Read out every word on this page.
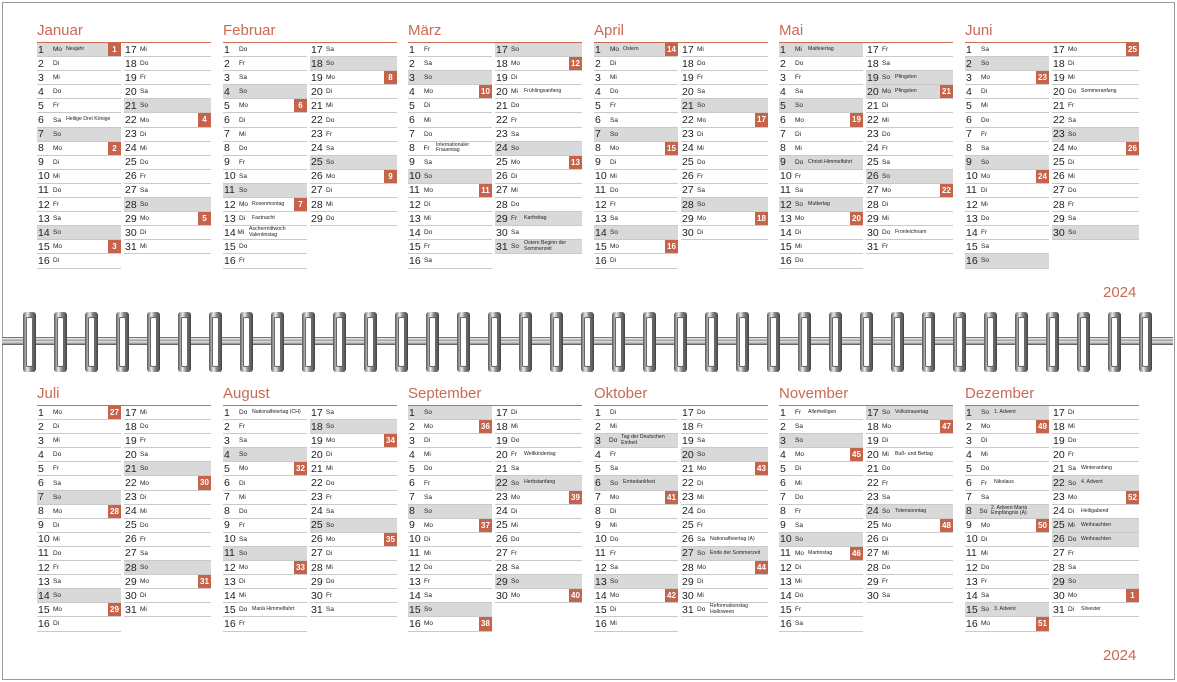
Januar
1	Mo Neujahr	1
2	Di
3	Mi
4	Do
5	Fr
6	Sa Heilige Drei Könige
7	So
8	Mo	2
9	Di
10 Mi
11 Do
12 Fr
13 Sa
14 So
15 Mo	3
16 Di
17 Mi
18 Do
19 Fr
20 Sa
21 So
22 Mo	4
23 Di
24 Mi
25 Do
26 Fr
27 Sa
28 So
29 Mo	5
30 Di
31 Mi
Februar
1	Do
2	Fr
3	Sa
4	So
5	Mo	6
6	Di
7	Mi
8	Do
9	Fr
10 Sa
11 So
12 Mo Rosenmontag	7
13 Di	Fastnacht
14 Mi Aschermittwoch Valentinstag
15 Do
16 Fr
17 Sa
18 So
19 Mo	8
20 Di
21 Mi
22 Do
23 Fr
24 Sa
25 So
26 Mo	9
27 Di
28 Mi
29 Do
März
1	Fr
2	Sa
3	So
4	Mo	10
5	Di
6	Mi
7	Do
8	Fr	Internationaler Frauentag
9	Sa
10 So
11 Mo	11
12 Di
13 Mi
14 Do
15 Fr
16 Sa
17 So
18 Mo	12
19 Di
20 Mi	Frühlingsanfang
21 Do
22 Fr
23 Sa
24 So
25 Mo	13
26 Di
27 Mi
28 Do
29 Fr	Karfreitag
30 Sa
31 So Ostern Beginn der Sommerzeit
April
1	Mo Ostern	14
2	Di
3	Mi
4	Do
5	Fr
6	Sa
7	So
8	Mo	15
9	Di
10 Mi
11 Do
12 Fr
13 Sa
14 So
15 Mo	16
16 Di
17 Mi
18 Do
19 Fr
20 Sa
21 So
22 Mo	17
23 Di
24 Mi
25 Do
26 Fr
27 Sa
28 So
29 Mo	18
30 Di
Mai
1	Mi	Maifeiertag
2	Do
3	Fr
4	Sa
5	So
6	Mo	19
7	Di
8	Mi
9	Do Christi Himmelfahrt
10 Fr
11 Sa
12 So Muttertag
13 Mo	20
14 Di
15 Mi
16 Do
17 Fr
18 Sa
19 So Pfingsten
20 Mo Pfingsten	21
21 Di
22 Mi
23 Do
24 Fr
25 Sa
26 So
27 Mo	22
28 Di
29 Mi
30 Do Fronleichnam
31 Fr
Juni
1	Sa
2	So
3	Mo	23
4	Di
5	Mi
6	Do
7	Fr
8	Sa
9	So
10 Mo	24
11 Di
12 Mi
13 Do
14 Fr
15 Sa
16 So
17 Mo	25
18 Di
19 Mi
20 Do Sommeranfang
21 Fr
22 Sa
23 So
24 Mo	26
25 Di
26 Mi
27 Do
28 Fr
29 Sa
30 So
Juli
1	Mo	27
2	Di
3	Mi
4	Do
5	Fr
6	Sa
7	So
8	Mo	28
9	Di
10 Mi
11 Do
12 Fr
13 Sa
14 So
15 Mo	29
16 Di
17 Mi
18 Do
19 Fr
20 Sa
21 So
22 Mo	30
23 Di
24 Mi
25 Do
26 Fr
27 Sa
28 So
29 Mo	31
30 Di
31 Mi
August
1	Do Nationalfeiertag (CH)
2	Fr
3	Sa
4	So
5	Mo	32
6	Di
7	Mi
8	Do
9	Fr
10 Sa
11 So
12 Mo	33
13 Di
14 Mi
15 Do Mariä Himmelfahrt
16 Fr
17 Sa
18 So
19 Mo	34
20 Di
21 Mi
22 Do
23 Fr
24 Sa
25 So
26 Mo	35
27 Di
28 Mi
29 Do
30 Fr
31 Sa
September
1	So
2	Mo	36
3	Di
4	Mi
5	Do
6	Fr
7	Sa
8	So
9	Mo	37
10 Di
11 Mi
12 Do
13 Fr
14 Sa
15 So
16 Mo	38
17 Di
18 Mi
19 Do
20 Fr	Weltkindertag
21 Sa
22 So Herbstanfang
23 Mo	39
24 Di
25 Mi
26 Do
27 Fr
28 Sa
29 So
30 Mo	40
Oktober
1	Di
2	Mi
3	Do Tag der Deutschen Einheit
4	Fr
5	Sa
6	So Erntedankfest
7	Mo	41
8	Di
9	Mi
10 Do
11 Fr
12 Sa
13 So
14 Mo	42
15 Di
16 Mi
17 Do
18 Fr
19 Sa
20 So
21 Mo	43
22 Di
23 Mi
24 Do
25 Fr
26 Sa Nationalfeiertag (A)
27 So Ende der Sommerzeit
28 Mo	44
29 Di
30 Mi
31 Do Reformationstag Halloween
November
1	Fr	Allerheiligen
2	Sa
3	So
4	Mo	45
5	Di
6	Mi
7	Do
8	Fr
9	Sa
10 So
11 Mo Martinstag 46
12 Di
13 Mi
14 Do
15 Fr
16 Sa
17 So Volkstrauertag
18 Mo	47
19 Di
20 Mi	Buß- und Bettag
21 Do
22 Fr
23 Sa
24 So Totensonntag
25 Mo	48
26 Di
27 Mi
28 Do
29 Fr
30 Sa
Dezember
1	So 1. Advent
2	Mo	49
3	Di
4	Mi
5	Do
6	Fr	Nikolaus
7	Sa
8	So 2. Advent Mariä Empfängnis (A)
9	Mo	50
10 Di
11 Mi
12 Do
13 Fr
14 Sa
15 So 3. Advent
16 Mo	51
17 Di
18 Mi
19 Do
20 Fr
21 Sa Winteranfang
22 So 4. Advent
23 Mo	52
24 Di	Heiligabend
25 Mi	Weihnachten
26 Do Weihnachten
27 Fr
28 Sa
29 So
30 Mo	1
31 Di	Silvester
2024
2024
